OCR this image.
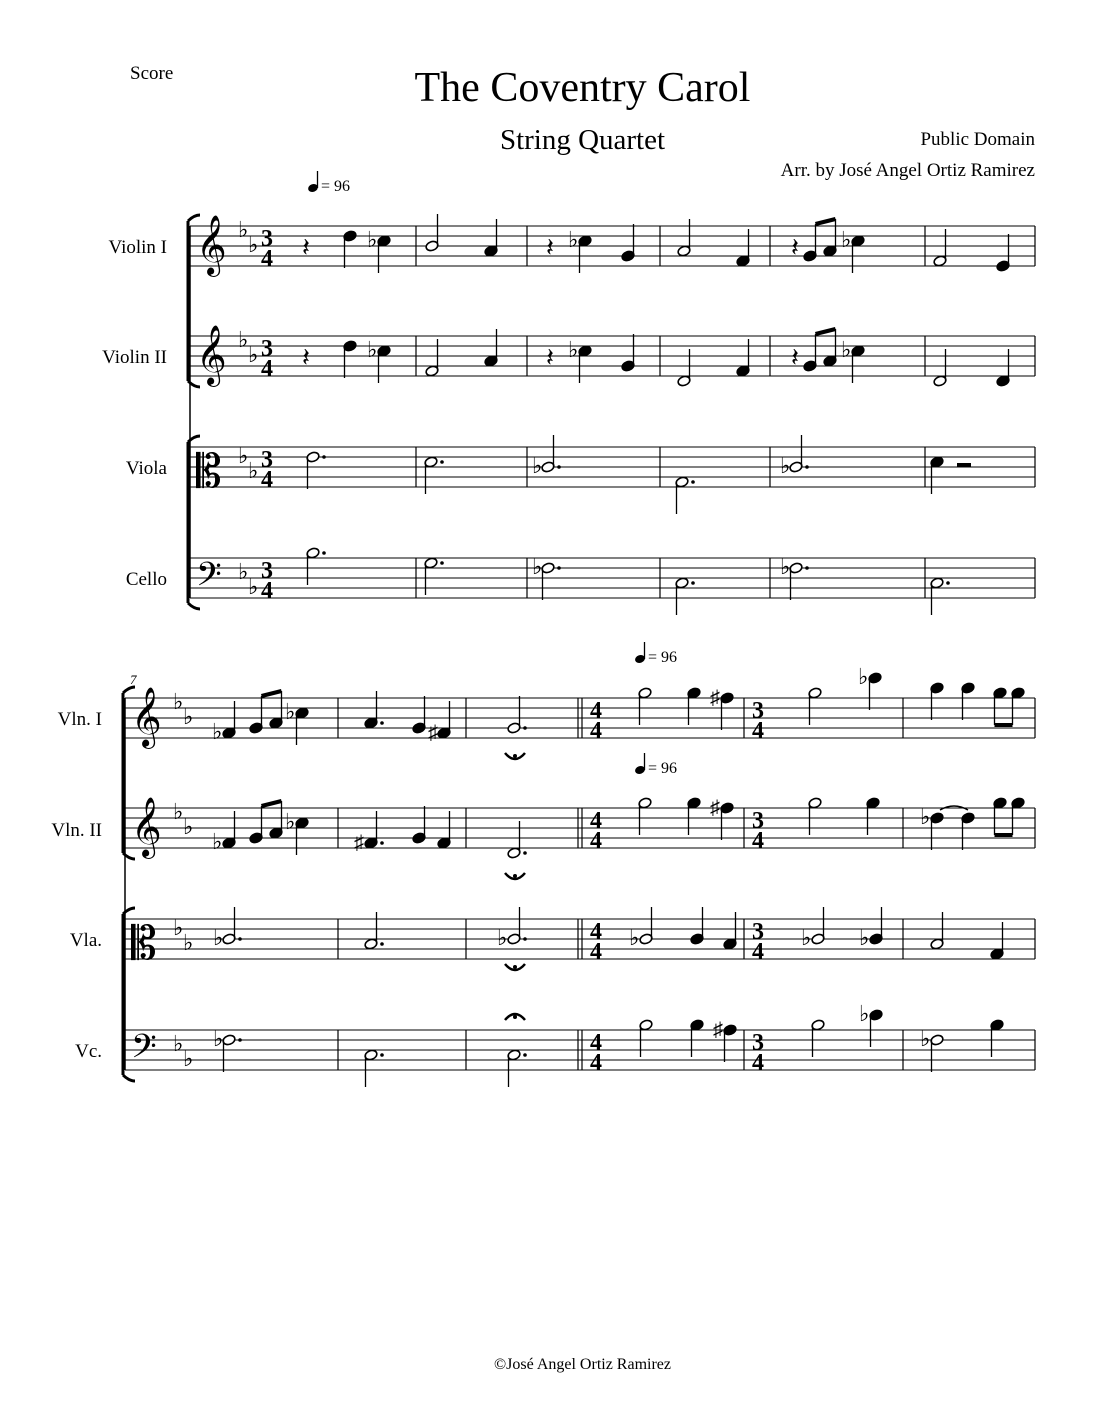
Score	The Coventry Carol
String Quartet	Public Domain
Arr. by José Angel Ortiz Ramirez
©José Angel Ortiz Ramirez
Violin I
Violin II
Viola
Cello
Vln. I
Vln. II
Vla.
Vc.
= 96
= 96
= 96
7
𝄞 ♭
♭ 3
4
𝄞 ♭
♭ 3
4
𝄡 ♭
♭ 3
4
𝄢 ♭
♭
3
4
𝄽	♭	𝄽 ♭	𝄽 ♭
𝄽	♭	𝄽 ♭	𝄽 ♭
♭	♭
♭	♭
𝄞 ♭
♭	4
4
3
4
𝄞 ♭
♭	4
4
3
4
𝄡 ♭
♭	4
4
3
4
𝄢 ♭
♭
4
4
3
4
♭
♭
♯
♯
♭
♭
♭
♯
♯	♭
♭	♭	♭	♭ ♭
♭	♯
♭
♭
